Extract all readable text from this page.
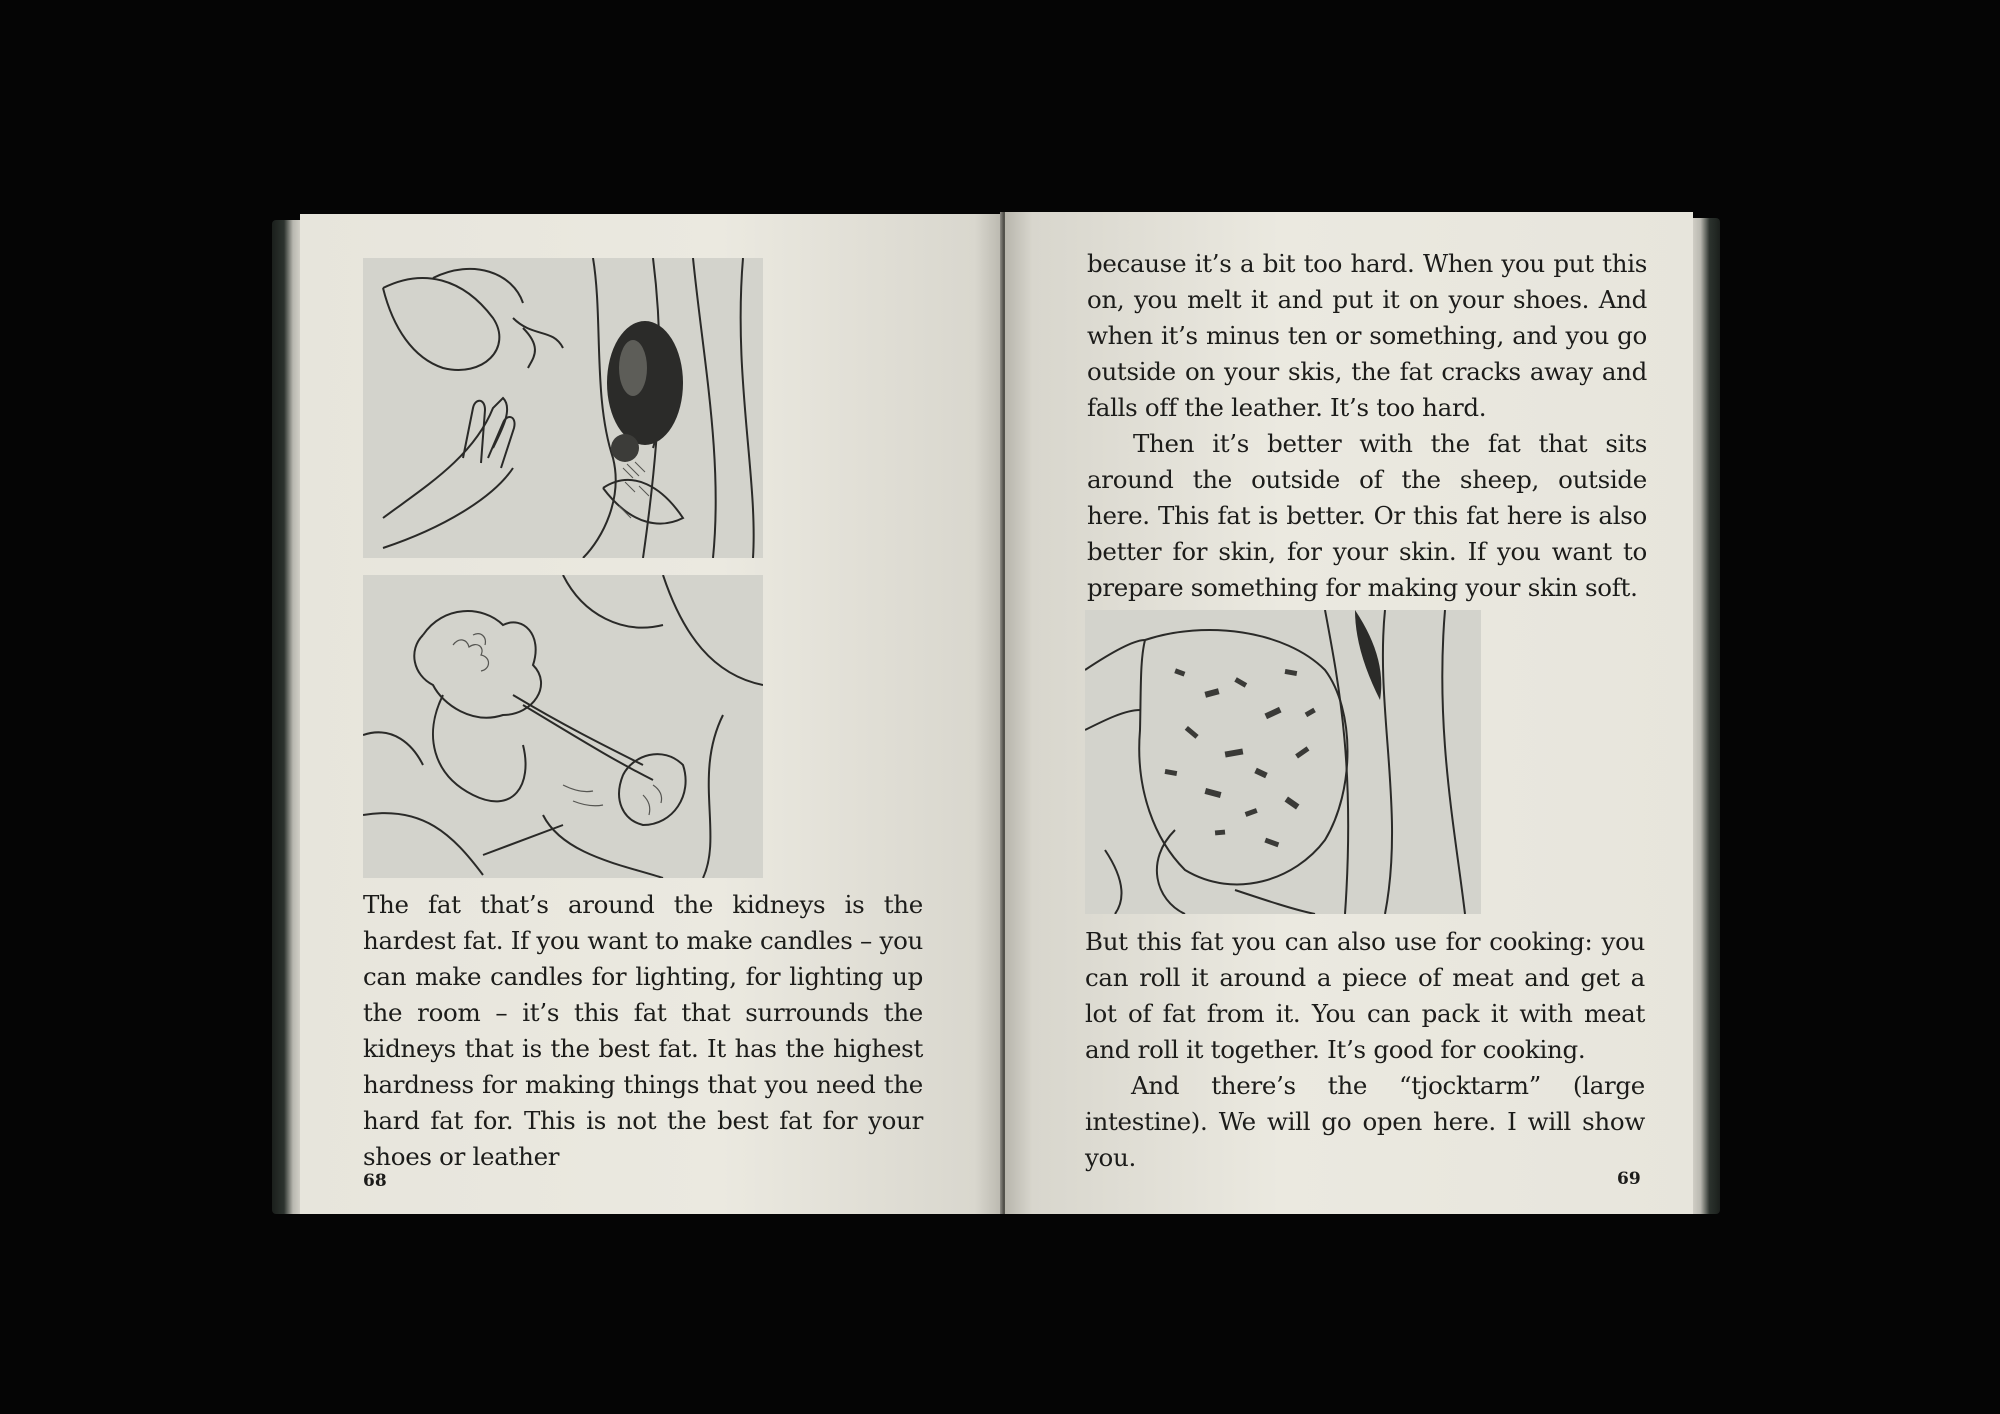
The fat that’s around the kidneys is the hardest fat. If you want to make candles – you can make candles for lighting, for lighting up the room – it’s this fat that surrounds the kidneys that is the best fat. It has the highest hardness for making things that you need the hard fat for. This is not the best fat for your shoes or leather

68

because it’s a bit too hard. When you put this on, you melt it and put it on your shoes. And when it’s minus ten or something, and you go outside on your skis, the fat cracks away and falls off the leather. It’s too hard.

Then it’s better with the fat that sits around the outside of the sheep, outside here. This fat is better. Or this fat here is also better for skin, for your skin. If you want to prepare something for making your skin soft.

But this fat you can also use for cooking: you can roll it around a piece of meat and get a lot of fat from it. You can pack it with meat and roll it together. It’s good for cooking.

And there’s the “tjocktarm” (large intestine). We will go open here. I will show you.

69
